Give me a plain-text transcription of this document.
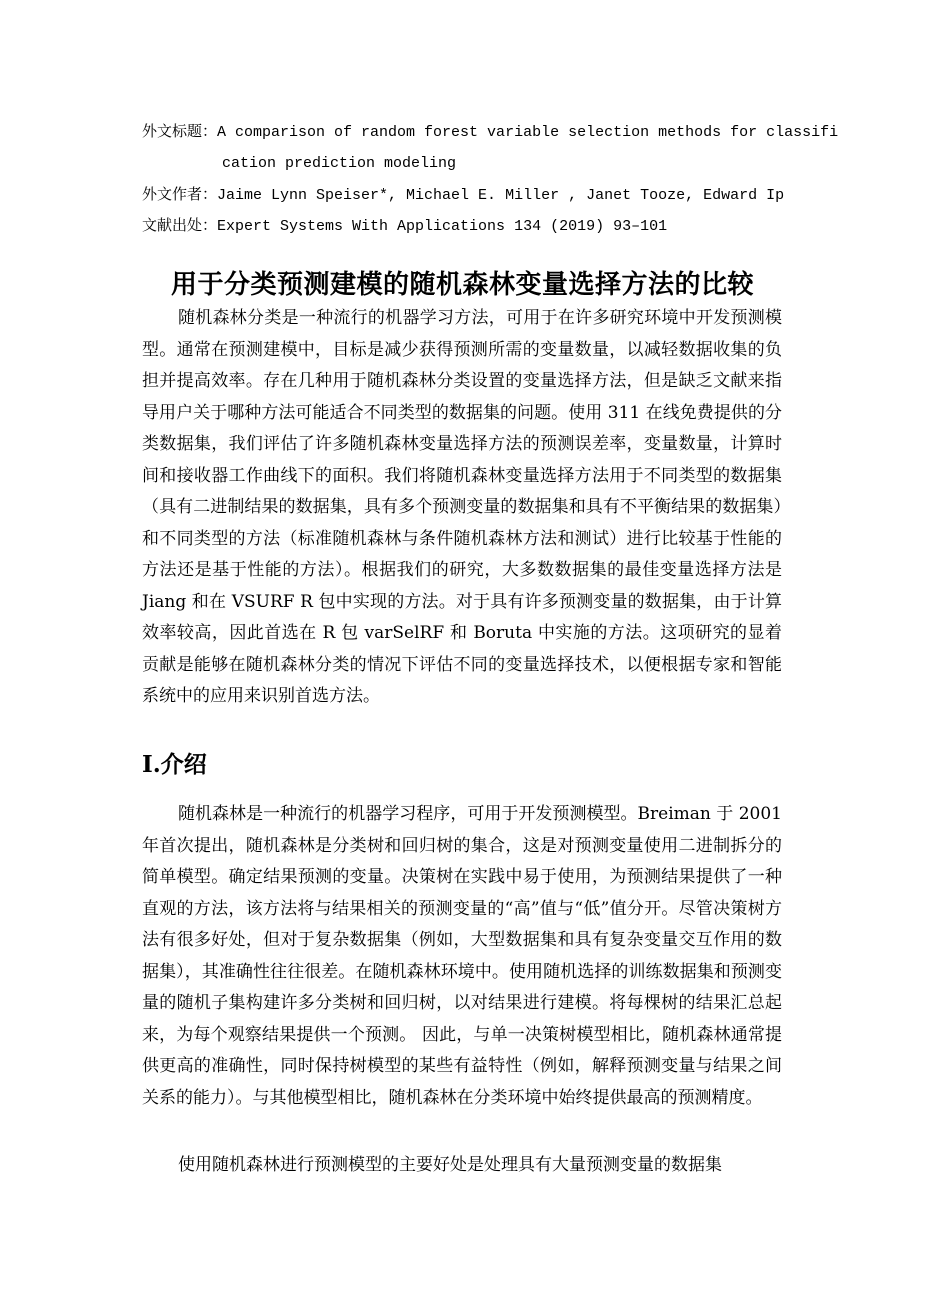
外文标题：A comparison of random forest variable selection methods for classifi
cation prediction modeling
外文作者：Jaime Lynn Speiser*, Michael E. Miller , Janet Tooze, Edward Ip
文献出处：Expert Systems With Applications 134 (2019) 93–101
用于分类预测建模的随机森林变量选择方法的比较

随机森林分类是一种流行的机器学习方法，可用于在许多研究环境中开发预测模型。通常在预测建模中，目标是减少获得预测所需的变量数量，以减轻数据收集的负担并提高效率。存在几种用于随机森林分类设置的变量选择方法，但是缺乏文献来指导用户关于哪种方法可能适合不同类型的数据集的问题。使用 311 在线免费提供的分类数据集，我们评估了许多随机森林变量选择方法的预测误差率，变量数量，计算时间和接收器工作曲线下的面积。我们将随机森林变量选择方法用于不同类型的数据集（具有二进制结果的数据集，具有多个预测变量的数据集和具有不平衡结果的数据集）和不同类型的方法（标准随机森林与条件随机森林方法和测试）进行比较基于性能的方法还是基于性能的方法）。根据我们的研究，大多数数据集的最佳变量选择方法是 Jiang 和在 VSURF R 包中实现的方法。对于具有许多预测变量的数据集，由于计算效率较高，因此首选在 R 包 varSelRF 和 Boruta 中实施的方法。这项研究的显着贡献是能够在随机森林分类的情况下评估不同的变量选择技术，以便根据专家和智能系统中的应用来识别首选方法。

I.介绍

随机森林是一种流行的机器学习程序，可用于开发预测模型。Breiman 于 2001 年首次提出，随机森林是分类树和回归树的集合，这是对预测变量使用二进制拆分的简单模型。确定结果预测的变量。决策树在实践中易于使用，为预测结果提供了一种直观的方法，该方法将与结果相关的预测变量的“高”值与“低”值分开。尽管决策树方法有很多好处，但对于复杂数据集（例如，大型数据集和具有复杂变量交互作用的数据集），其准确性往往很差。在随机森林环境中。使用随机选择的训练数据集和预测变量的随机子集构建许多分类树和回归树，以对结果进行建模。将每棵树的结果汇总起来，为每个观察结果提供一个预测。 因此，与单一决策树模型相比，随机森林通常提供更高的准确性，同时保持树模型的某些有益特性（例如，解释预测变量与结果之间关系的能力）。与其他模型相比，随机森林在分类环境中始终提供最高的预测精度。

使用随机森林进行预测模型的主要好处是处理具有大量预测变量的数据集
